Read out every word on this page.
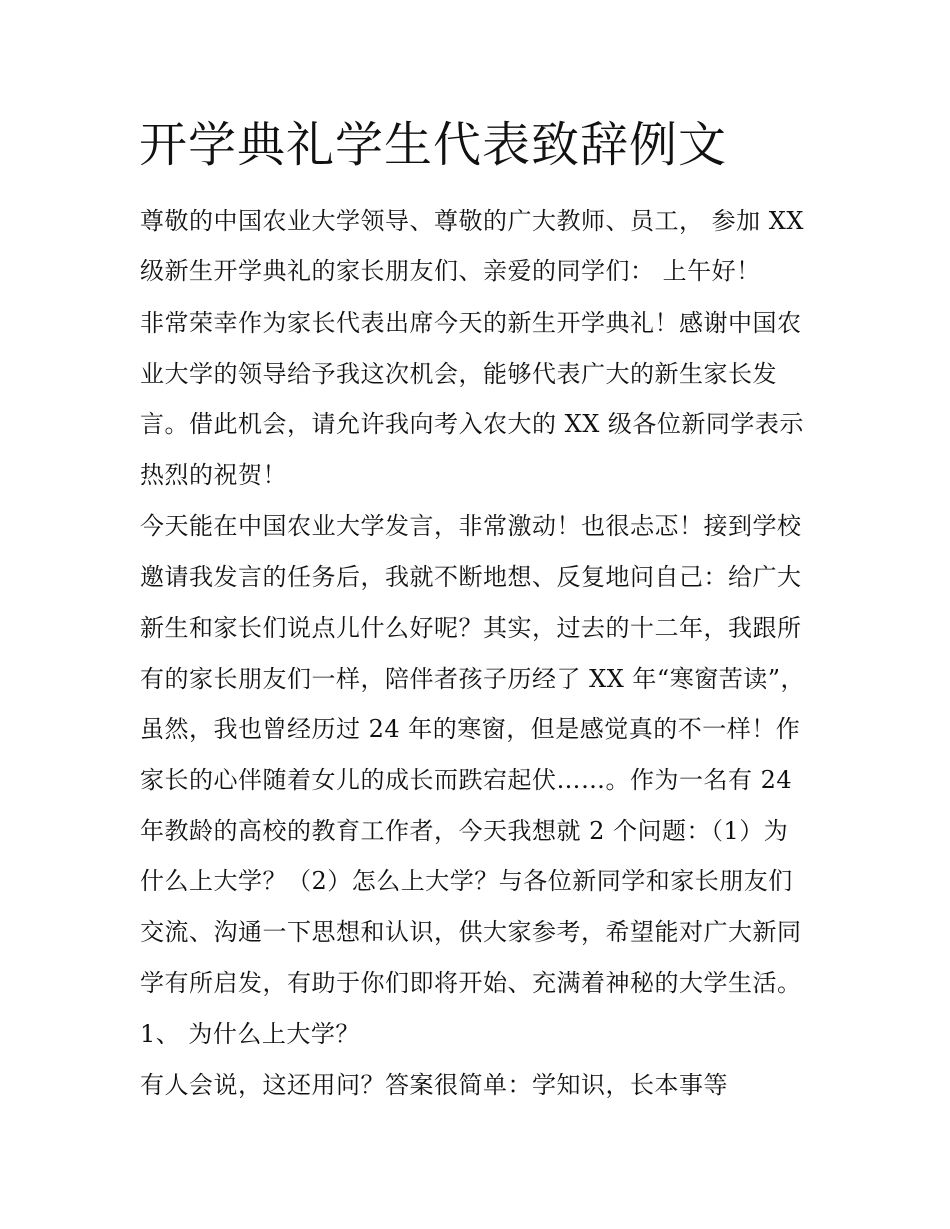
开学典礼学生代表致辞例文

尊敬的中国农业大学领导、尊敬的广大教师、员工， 参加 XX

级新生开学典礼的家长朋友们、亲爱的同学们： 上午好！

非常荣幸作为家长代表出席今天的新生开学典礼！感谢中国农

业大学的领导给予我这次机会，能够代表广大的新生家长发

言。借此机会，请允许我向考入农大的 XX 级各位新同学表示

热烈的祝贺！

今天能在中国农业大学发言，非常激动！也很忐忑！接到学校

邀请我发言的任务后，我就不断地想、反复地问自己：给广大

新生和家长们说点儿什么好呢？其实，过去的十二年，我跟所

有的家长朋友们一样，陪伴者孩子历经了 XX 年“寒窗苦读”，

虽然，我也曾经历过 24 年的寒窗，但是感觉真的不一样！作

家长的心伴随着女儿的成长而跌宕起伏……。作为一名有 24

年教龄的高校的教育工作者，今天我想就 2 个问题：（1）为

什么上大学？（2）怎么上大学？与各位新同学和家长朋友们

交流、沟通一下思想和认识，供大家参考，希望能对广大新同

学有所启发，有助于你们即将开始、充满着神秘的大学生活。

1、 为什么上大学？

有人会说，这还用问？答案很简单：学知识，长本事等
